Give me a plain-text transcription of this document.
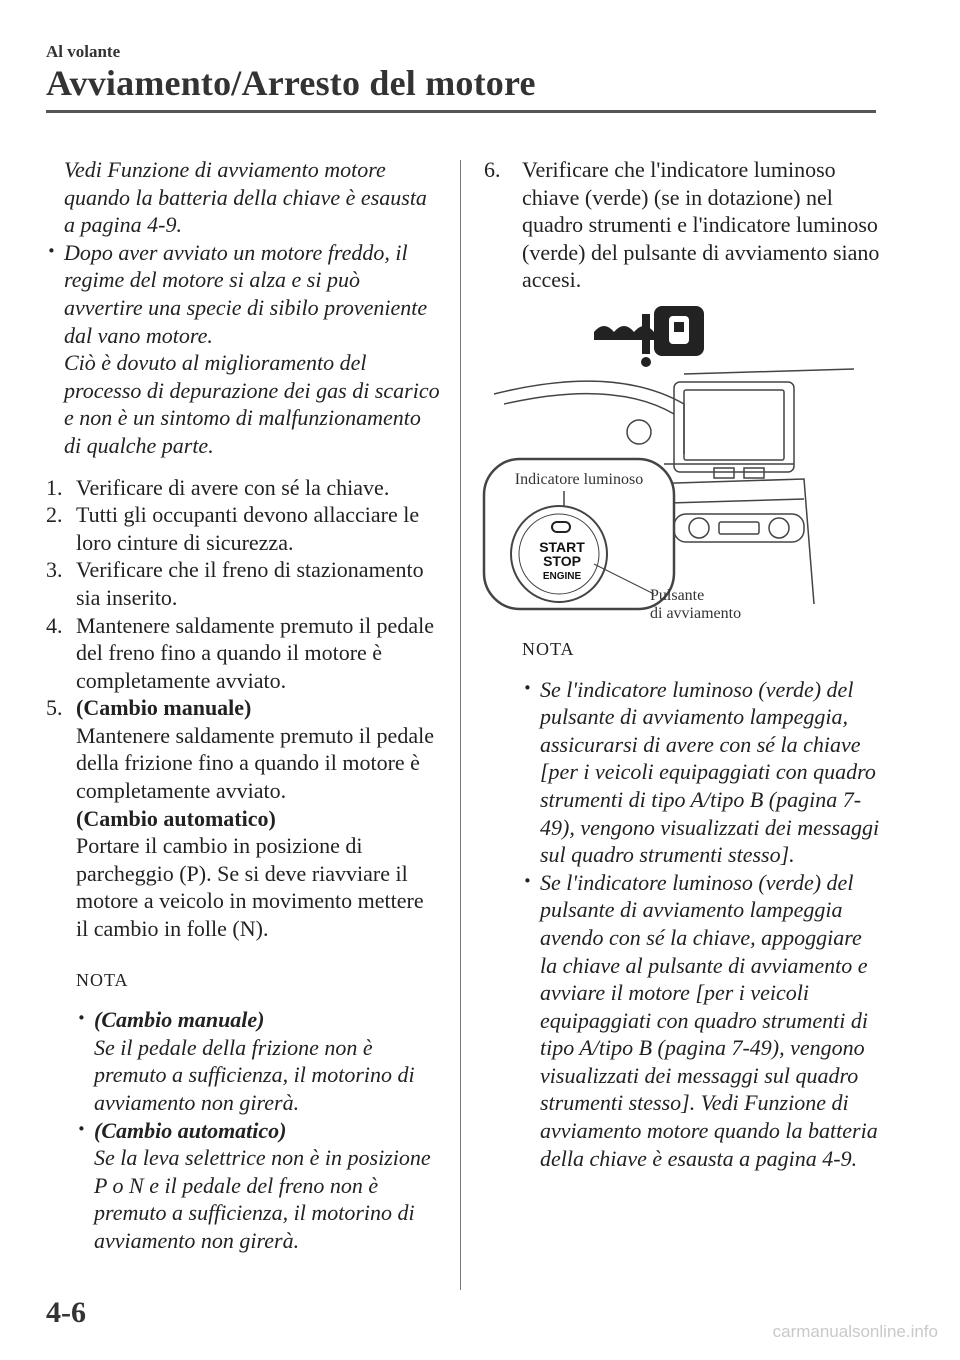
Al volante
Avviamento/Arresto del motore
Vedi Funzione di avviamento motore quando la batteria della chiave è esausta a pagina 4-9.
· Dopo aver avviato un motore freddo, il regime del motore si alza e si può avvertire una specie di sibilo proveniente dal vano motore.
Ciò è dovuto al miglioramento del processo di depurazione dei gas di scarico e non è un sintomo di malfunzionamento di qualche parte.
1. Verificare di avere con sé la chiave.
2. Tutti gli occupanti devono allacciare le loro cinture di sicurezza.
3. Verificare che il freno di stazionamento sia inserito.
4. Mantenere saldamente premuto il pedale del freno fino a quando il motore è completamente avviato.
5. (Cambio manuale)
Mantenere saldamente premuto il pedale della frizione fino a quando il motore è completamente avviato.
(Cambio automatico)
Portare il cambio in posizione di parcheggio (P). Se si deve riavviare il motore a veicolo in movimento mettere il cambio in folle (N).
NOTA
· (Cambio manuale)
Se il pedale della frizione non è premuto a sufficienza, il motorino di avviamento non girerà.
· (Cambio automatico)
Se la leva selettrice non è in posizione P o N e il pedale del freno non è premuto a sufficienza, il motorino di avviamento non girerà.
6. Verificare che l'indicatore luminoso chiave (verde) (se in dotazione) nel quadro strumenti e l'indicatore luminoso (verde) del pulsante di avviamento siano accesi.
Indicatore luminoso
START
STOP
ENGINE
Pulsante
di avviamento
NOTA
· Se l'indicatore luminoso (verde) del pulsante di avviamento lampeggia, assicurarsi di avere con sé la chiave [per i veicoli equipaggiati con quadro strumenti di tipo A/tipo B (pagina 7-49), vengono visualizzati dei messaggi sul quadro strumenti stesso].
· Se l'indicatore luminoso (verde) del pulsante di avviamento lampeggia avendo con sé la chiave, appoggiare la chiave al pulsante di avviamento e avviare il motore [per i veicoli equipaggiati con quadro strumenti di tipo A/tipo B (pagina 7-49), vengono visualizzati dei messaggi sul quadro strumenti stesso]. Vedi Funzione di avviamento motore quando la batteria della chiave è esausta a pagina 4-9.
4-6
carmanualsonline.info
